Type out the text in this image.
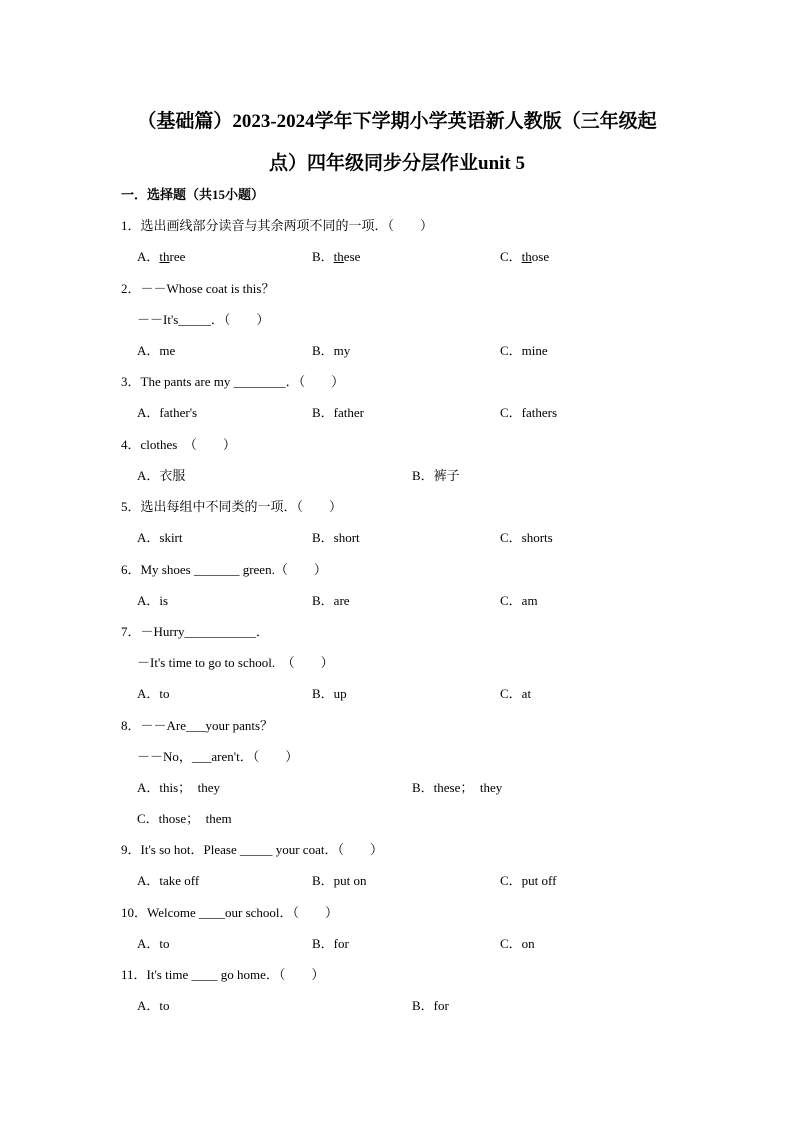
（基础篇）2023-2024学年下学期小学英语新人教版（三年级起
点）四年级同步分层作业unit 5
一．选择题（共15小题）
1．选出画线部分读音与其余两项不同的一项．（　　）
A．three	B．these	C．those
2．－－Whose coat is this？
－－It's_____．（　　）
A．me	B．my	C．mine
3．The pants are my ________．（　　）
A．father's	B．father	C．fathers
4．clothes　（　　）
A．衣服	B．裤子
5．选出每组中不同类的一项．（　　）
A．skirt	B．short	C．shorts
6．My shoes _______ green.（　　）
A．is	B．are	C．am
7．－Hurry___________．
－It's time to go to school.　（　　）
A．to	B．up	C．at
8．－－Are___your pants？
－－No，___aren't．（　　）
A．this；　they	B．these；　they
C．those；　them
9．It's so hot．Please _____ your coat．（　　）
A．take off	B．put on	C．put off
10．Welcome ____our school．（　　）
A．to	B．for	C．on
11．It's time ____ go home．（　　）
A．to	B．for
